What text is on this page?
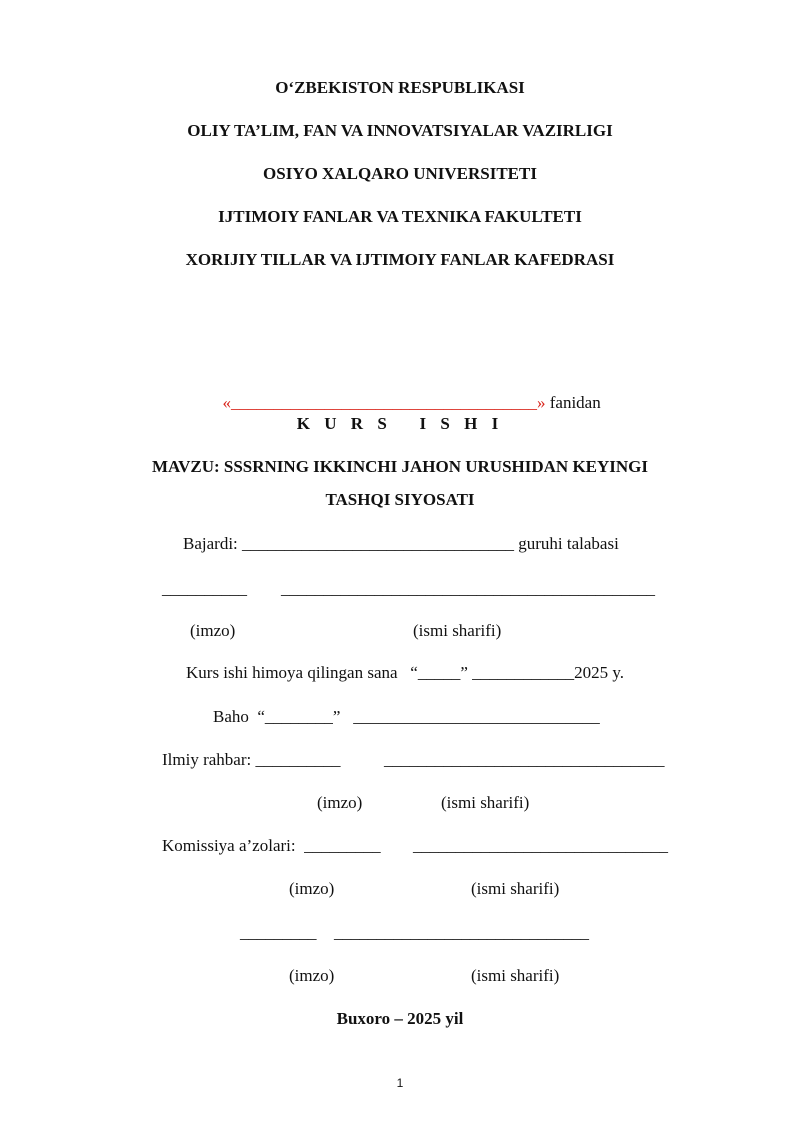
O‘ZBEKISTON RESPUBLIKASI
OLIY TA’LIM, FAN VA INNOVATSIYALAR VAZIRLIGI
OSIYO XALQARO UNIVERSITETI
IJTIMOIY FANLAR VA TEXNIKA FAKULTETI
XORIJIY TILLAR VA IJTIMOIY FANLAR KAFEDRASI

«____________________________________» fanidan

K U R S   I S H I
MAVZU: SSSRNING IKKINCHI JAHON URUSHIDAN KEYINGI
TASHQI SIYOSATI
Bajardi: ________________________________ guruhi talabasi
__________ ____________________________________________
(imzo)	(ismi sharifi)
Kurs ishi himoya qilingan sana   “_____” ____________2025 y.
Baho  “________”   _____________________________
Ilmiy rahbar: __________	_________________________________
(imzo)	(ismi sharifi)
Komissiya a’zolari:  _________ ______________________________
(imzo)	(ismi sharifi)
_________ ______________________________
(imzo)	(ismi sharifi)
Buxoro – 2025 yil
1
